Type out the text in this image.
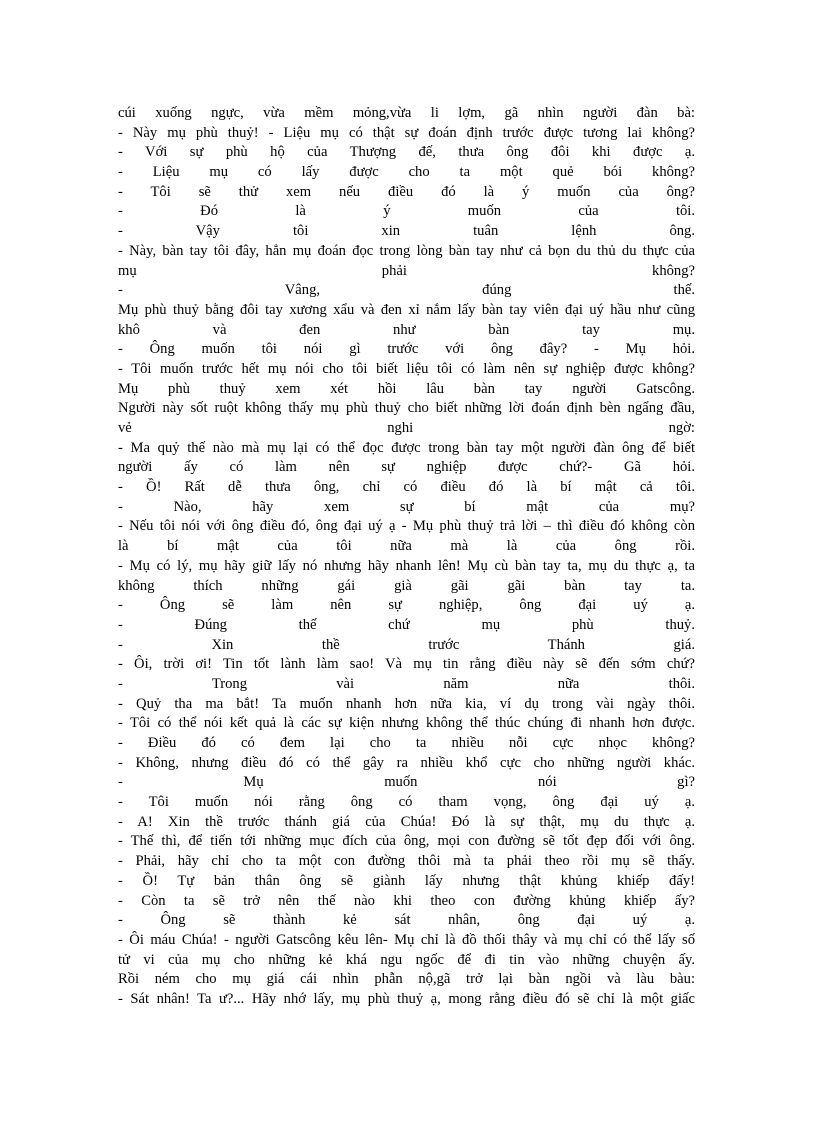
cúi xuống ngực, vừa mềm mỏng,vừa li lợm, gã nhìn người đàn bà:
- Này mụ phù thuỷ! - Liệu mụ có thật sự đoán định trước được tương lai không?
- Với sự phù hộ của Thượng đế, thưa ông đôi khi được ạ.
- Liệu mụ có lấy được cho ta một quẻ bói không?
- Tôi sẽ thử xem nếu điều đó là ý muốn của ông?
- Đó là ý muốn của tôi.
- Vậy tôi xin tuân lệnh ông.
- Này, bàn tay tôi đây, hẳn mụ đoán đọc trong lòng bàn tay như cả bọn du thủ du thực của
mụ phải không?
- Vâng, đúng thế.
Mụ phù thuỷ bằng đôi tay xương xẩu và đen xỉ nắm lấy bàn tay viên đại uý hầu như cũng
khô và đen như bàn tay mụ.
- Ông muốn tôi nói gì trước với ông đây? - Mụ hỏi.
- Tôi muốn trước hết mụ nói cho tôi biết liệu tôi có làm nên sự nghiệp được không?
Mụ phù thuỷ xem xét hồi lâu bàn tay người Gatscông.
Người này sốt ruột không thấy mụ phù thuỷ cho biết những lời đoán định bèn ngẩng đầu,
vẻ nghi ngờ:
- Ma quỷ thế nào mà mụ lại có thể đọc được trong bàn tay một người đàn ông để biết
người ấy có làm nên sự nghiệp được chứ?- Gã hỏi.
- Ồ! Rất dễ thưa ông, chỉ có điều đó là bí mật cả tôi.
- Nào, hãy xem sự bí mật của mụ?
- Nếu tôi nói với ông điều đó, ông đại uý ạ - Mụ phù thuỷ trả lời – thì điều đó không còn
là bí mật của tôi nữa mà là của ông rồi.
- Mụ có lý, mụ hãy giữ lấy nó nhưng hãy nhanh lên! Mụ cù bàn tay ta, mụ du thực ạ, ta
không thích những gái già gãi gãi bàn tay ta.
- Ông sẽ làm nên sự nghiệp, ông đại uý ạ.
- Đúng thế chứ mụ phù thuỷ.
- Xin thề trước Thánh giá.
- Ôi, trời ơi! Tin tốt lành làm sao! Và mụ tin rằng điều này sẽ đến sớm chứ?
- Trong vài năm nữa thôi.
- Quỷ tha ma bắt! Ta muốn nhanh hơn nữa kia, ví dụ trong vài ngày thôi.
- Tôi có thể nói kết quả là các sự kiện nhưng không thể thúc chúng đi nhanh hơn được.
- Điều đó có đem lại cho ta nhiều nỗi cực nhọc không?
- Không, nhưng điều đó có thể gây ra nhiều khổ cực cho những người khác.
- Mụ muốn nói gì?
- Tôi muốn nói rằng ông có tham vọng, ông đại uý ạ.
- A! Xin thề trước thánh giá của Chúa! Đó là sự thật, mụ du thực ạ.
- Thế thì, để tiến tới những mục đích của ông, mọi con đường sẽ tốt đẹp đối với ông.
- Phải, hãy chỉ cho ta một con đường thôi mà ta phải theo rồi mụ sẽ thấy.
- Ồ! Tự bản thân ông sẽ giành lấy nhưng thật khủng khiếp đấy!
- Còn ta sẽ trở nên thế nào khi theo con đường khủng khiếp ấy?
- Ông sẽ thành kẻ sát nhân, ông đại uý ạ.
- Ôi máu Chúa! - người Gatscông kêu lên- Mụ chỉ là đồ thối thây và mụ chỉ có thể lấy số
tử vi của mụ cho những kẻ khá ngu ngốc để đi tin vào những chuyện ấy.
Rồi ném cho mụ giá cái nhìn phẫn nộ,gã trở lại bàn ngồi và làu bàu:
- Sát nhân! Ta ư?... Hãy nhớ lấy, mụ phù thuỷ ạ, mong rằng điều đó sẽ chỉ là một giấc
